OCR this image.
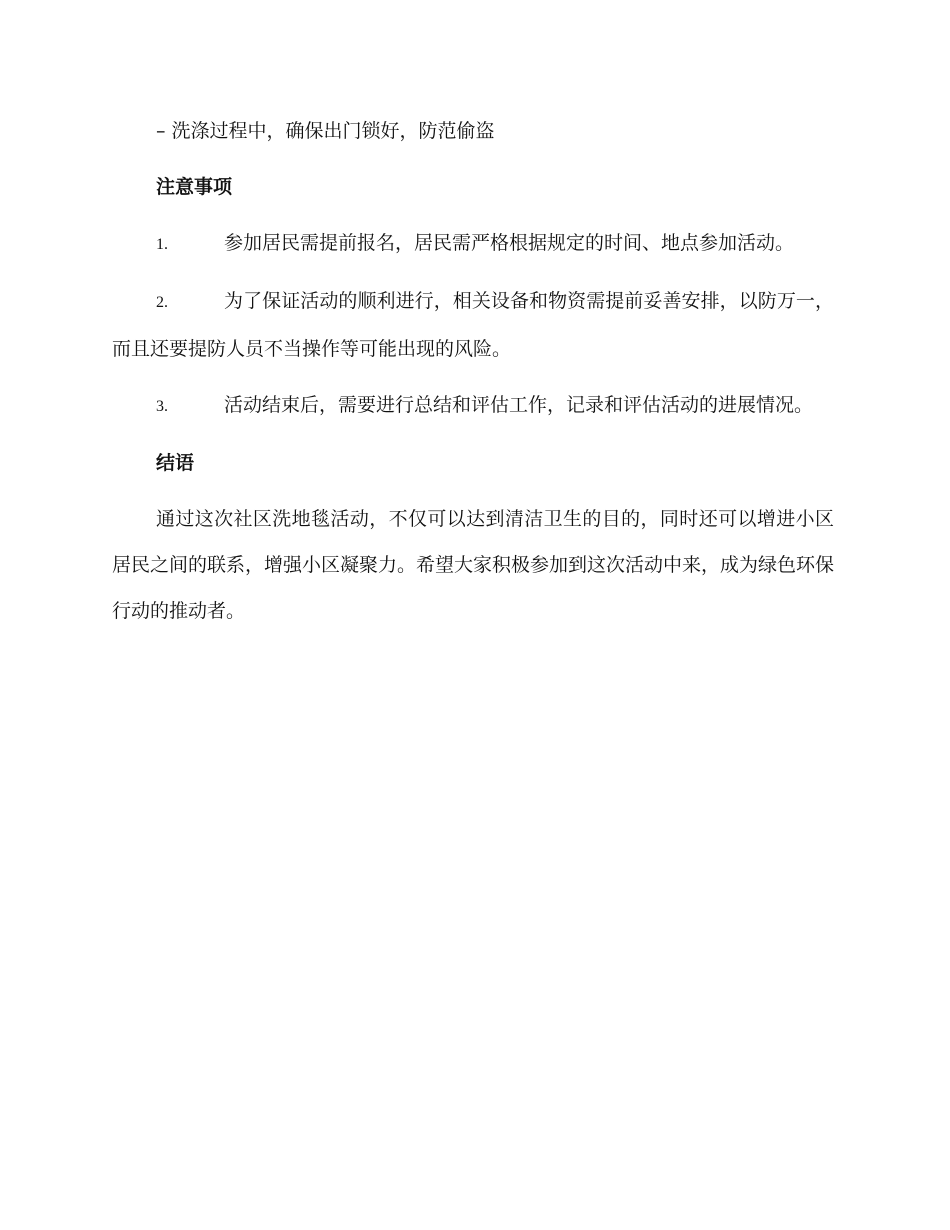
– 洗涤过程中，确保出门锁好，防范偷盗

注意事项
1.	参加居民需提前报名，居民需严格根据规定的时间、地点参加活动。
2.	为了保证活动的顺利进行，相关设备和物资需提前妥善安排，以防万一，而且还要提防人员不当操作等可能出现的风险。
3.	活动结束后，需要进行总结和评估工作，记录和评估活动的进展情况。
结语

通过这次社区洗地毯活动，不仅可以达到清洁卫生的目的，同时还可以增进小区居民之间的联系，增强小区凝聚力。希望大家积极参加到这次活动中来，成为绿色环保行动的推动者。
